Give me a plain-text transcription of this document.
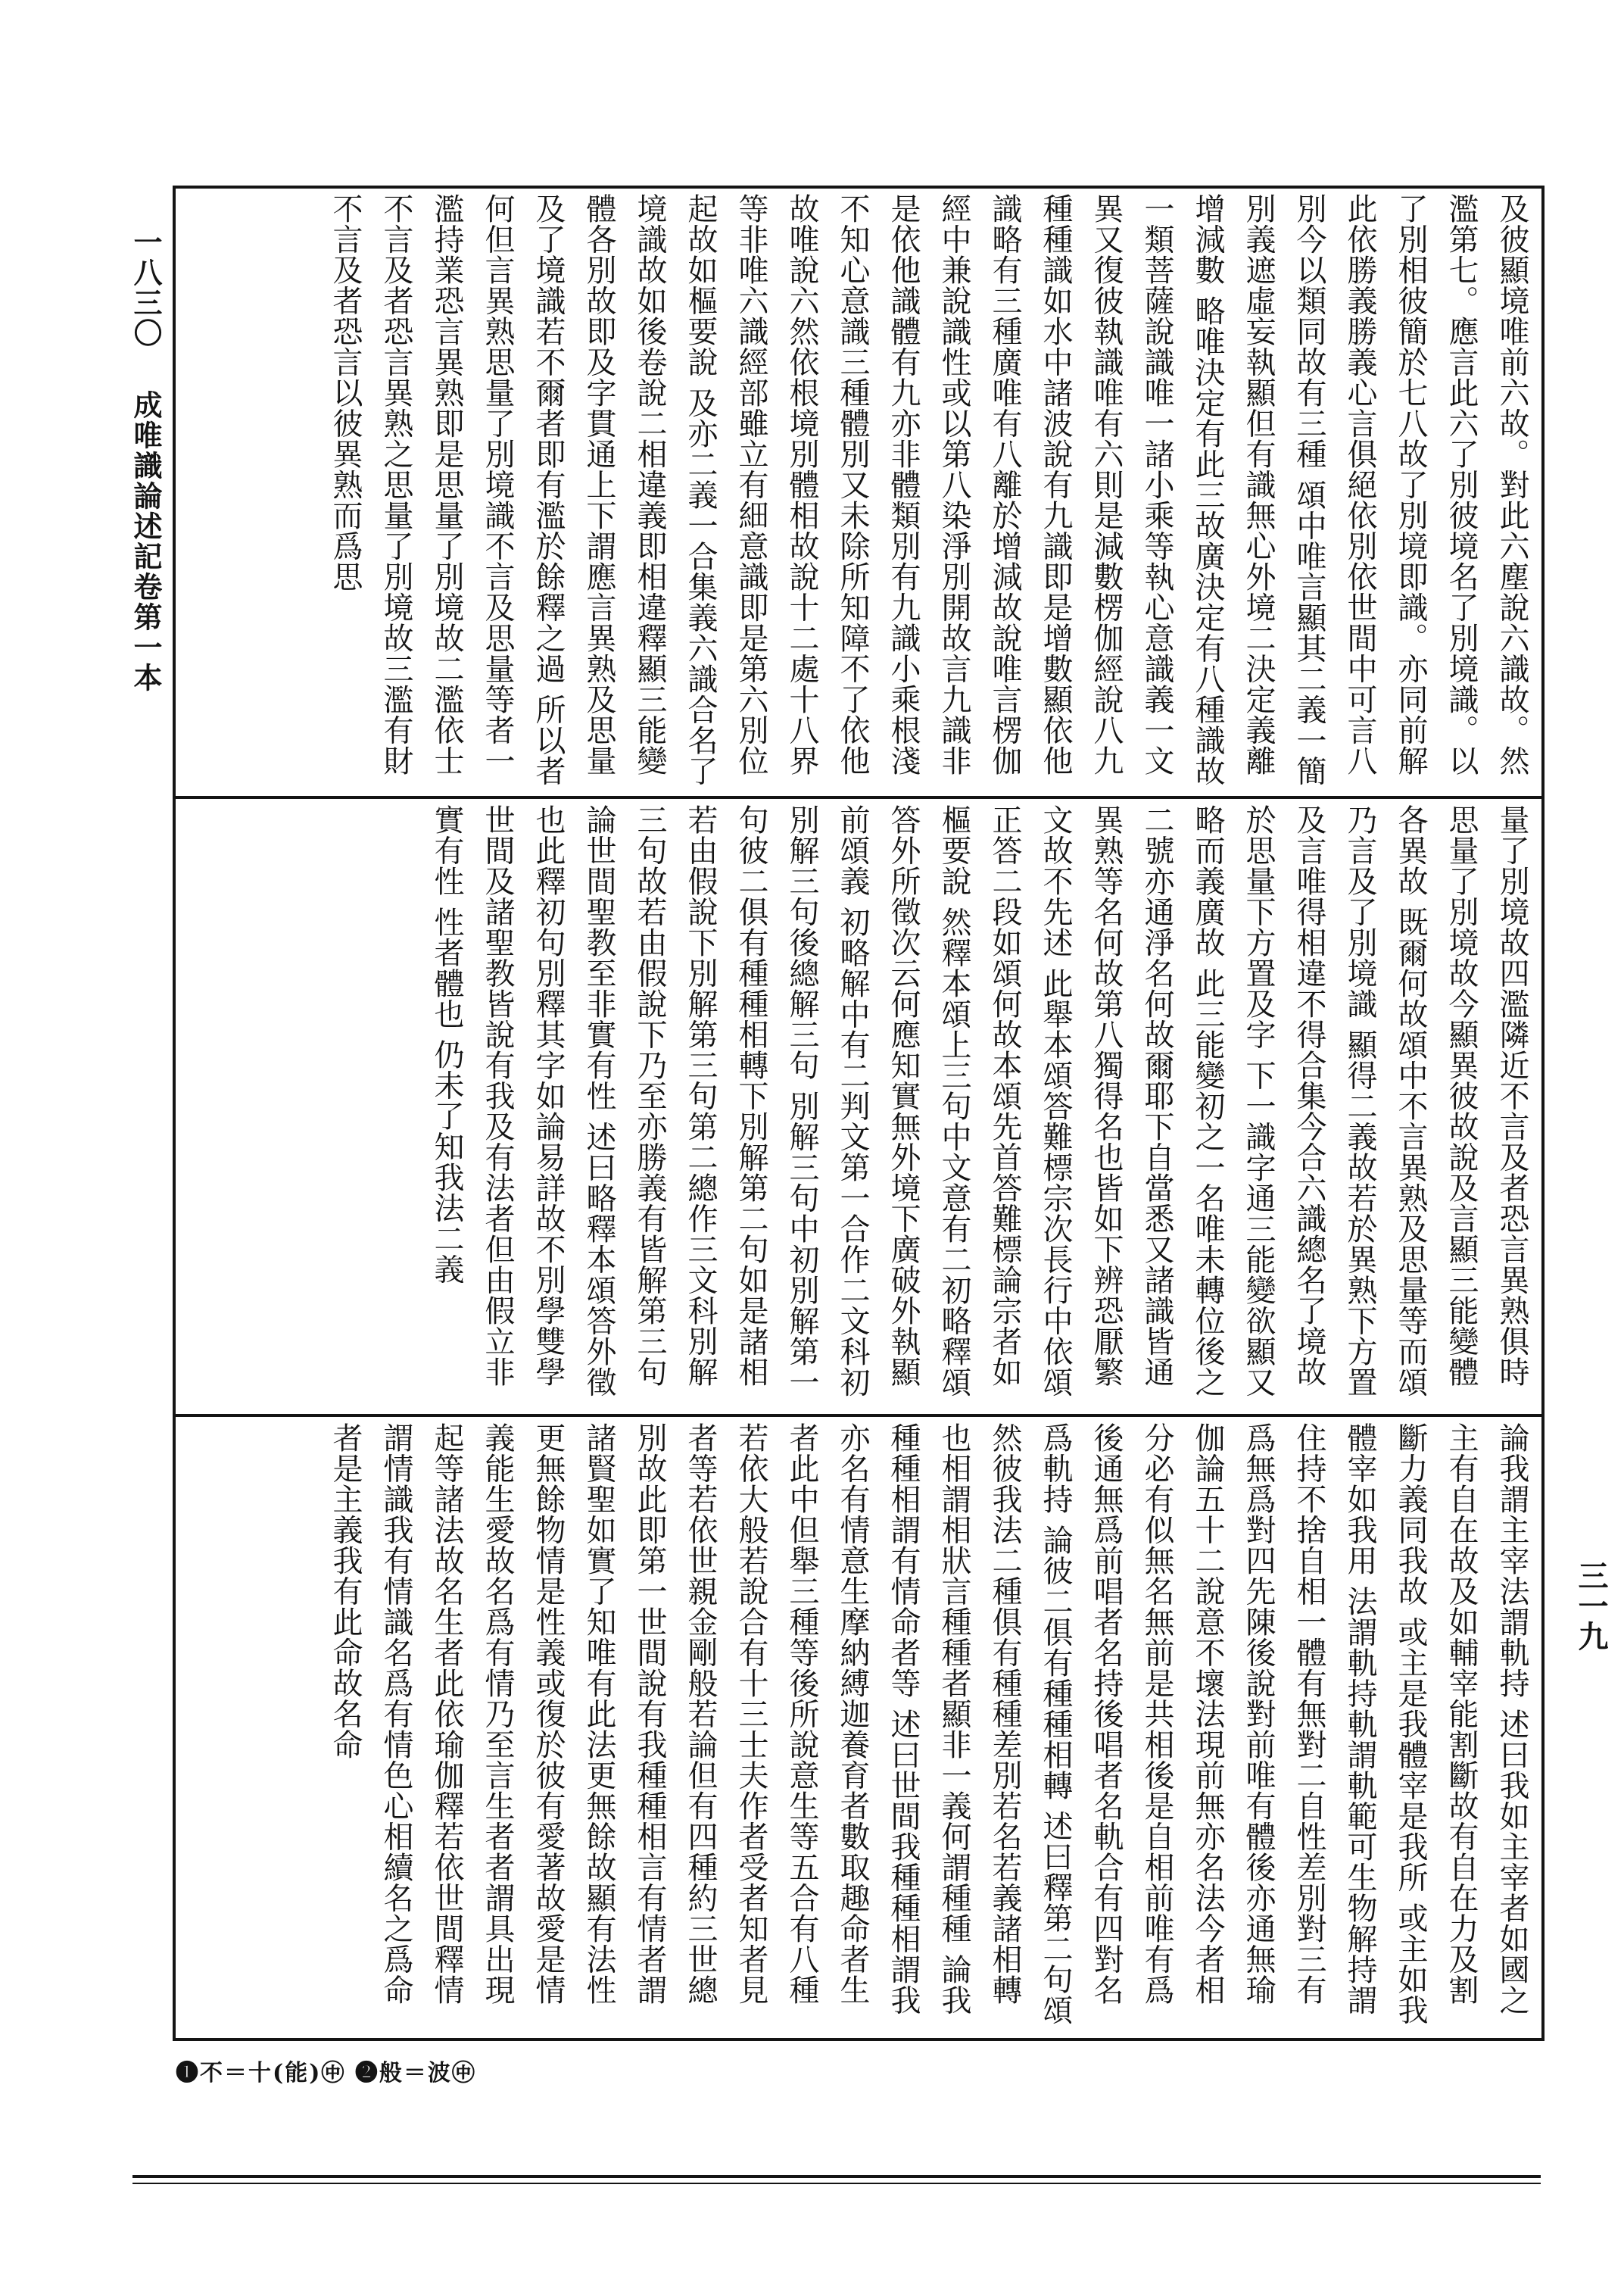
一八三〇 成唯識論述記卷第一本
三一九

及彼顯境唯前六故。對此六塵說六識故。然濫第七。應言此六了別彼境名了別境識。以了別相彼簡於七八故了別境即識。亦同前解 此依勝義勝義心言俱絕依別依世間中可言八別今以類同故有三種 頌中唯言顯其二義一簡別義遮虛妄執顯但有識無心外境二決定義離增減數 略唯決定有此三故廣決定有八種識故一類菩薩說識唯一諸小乘等執心意識義一文異又復彼執識唯有六則是減數楞伽經說八九種種識如水中諸波說有九識即是增數顯依他識略有三種廣唯有八離於增減故說唯言楞伽經中兼說識性或以第八染淨別開故言九識非是依他識體有九亦非體類別有九識小乘根淺不知心意識三種體別又未除所知障不了依他故唯說六然依根境別體相故說十二處十八界等非唯六識經部雖立有細意識即是第六別位起故如樞要說 及亦二義一合集義六識合名了境識故如後卷說二相違義即相違釋顯三能變體各別故即及字貫通上下謂應言異熟及思量及了境識若不爾者即有濫於餘釋之過 所以者何但言異熟思量了別境識不言及思量等者一濫持業恐言異熟即是思量了別境故二濫依士不言及者恐言異熟之思量了別境故三濫有財不言及者恐言以彼異熟而爲思

量了別境故四濫隣近不言及者恐言異熟俱時思量了別境故今顯異彼故說及言顯三能變體各異故 既爾何故頌中不言異熟及思量等而頌乃言及了別境識 顯得二義故若於異熟下方置及言唯得相違不得合集今合六識總名了境故於思量下方置及字 下一識字通三能變欲顯又略而義廣故 此三能變初之一名唯未轉位後之二號亦通淨名何故爾耶下自當悉又諸識皆通異熟等名何故第八獨得名也皆如下辨恐厭繁文故不先述 此舉本頌答難標宗次長行中依頌正答二段如頌何故本頌先首答難標論宗者如樞要說 然釋本頌上三句中文意有二初略釋頌答外所徵次云何應知實無外境下廣破外執顯前頌義 初略解中有二判文第一合作二文科初別解三句後總解三句 別解三句中初別解第一句彼二俱有種種相轉下別解第二句如是諸相若由假說下別解第三句第二總作三文科別解三句故若由假說下乃至亦勝義有皆解第三句論世間聖教至非實有性 述曰略釋本頌答外徵也此釋初句別釋其字如論易詳故不別學雙學世間及諸聖教皆說有我及有法者但由假立非實有性 性者體也 仍未了知我法二義

論我謂主宰法謂軌持 述曰我如主宰者如國之主有自在故及如輔宰能割斷故有自在力及割斷力義同我故 或主是我體宰是我所 或主如我體宰如我用 法謂軌持軌謂軌範可生物解持謂住持不捨自相一體有無對二自性差別對三有爲無爲對四先陳後說對前唯有體後亦通無瑜伽論五十二說意不壞法現前無亦名法今者相分必有似無名無前是共相後是自相前唯有爲後通無爲前唱者名持後唱者名軌合有四對名爲軌持 論彼二俱有種種相轉 述曰釋第二句頌然彼我法二種俱有種種差別若名若義諸相轉也相謂相狀言種種者顯非一義何謂種種 論我種種相謂有情命者等 述曰世間我種種相謂我亦名有情意生摩納縛迦養育者數取趣命者生者此中但舉三種等後所說意生等五合有八種若依大般若說合有十三士夫作者受者知者見者等若依世親金剛般若論但有四種約三世總別故此即第一世間說有我種種相言有情者謂諸賢聖如實了知唯有此法更無餘故顯有法性更無餘物情是性義或復於彼有愛著故愛是情義能生愛故名爲有情乃至言生者者謂具出現起等諸法故名生者此依瑜伽釋若依世間釋情謂情識我有情識名爲有情色心相續名之爲命者是主義我有此命故名命

❶不＝十(能)㊥ ❷般＝波㊥
